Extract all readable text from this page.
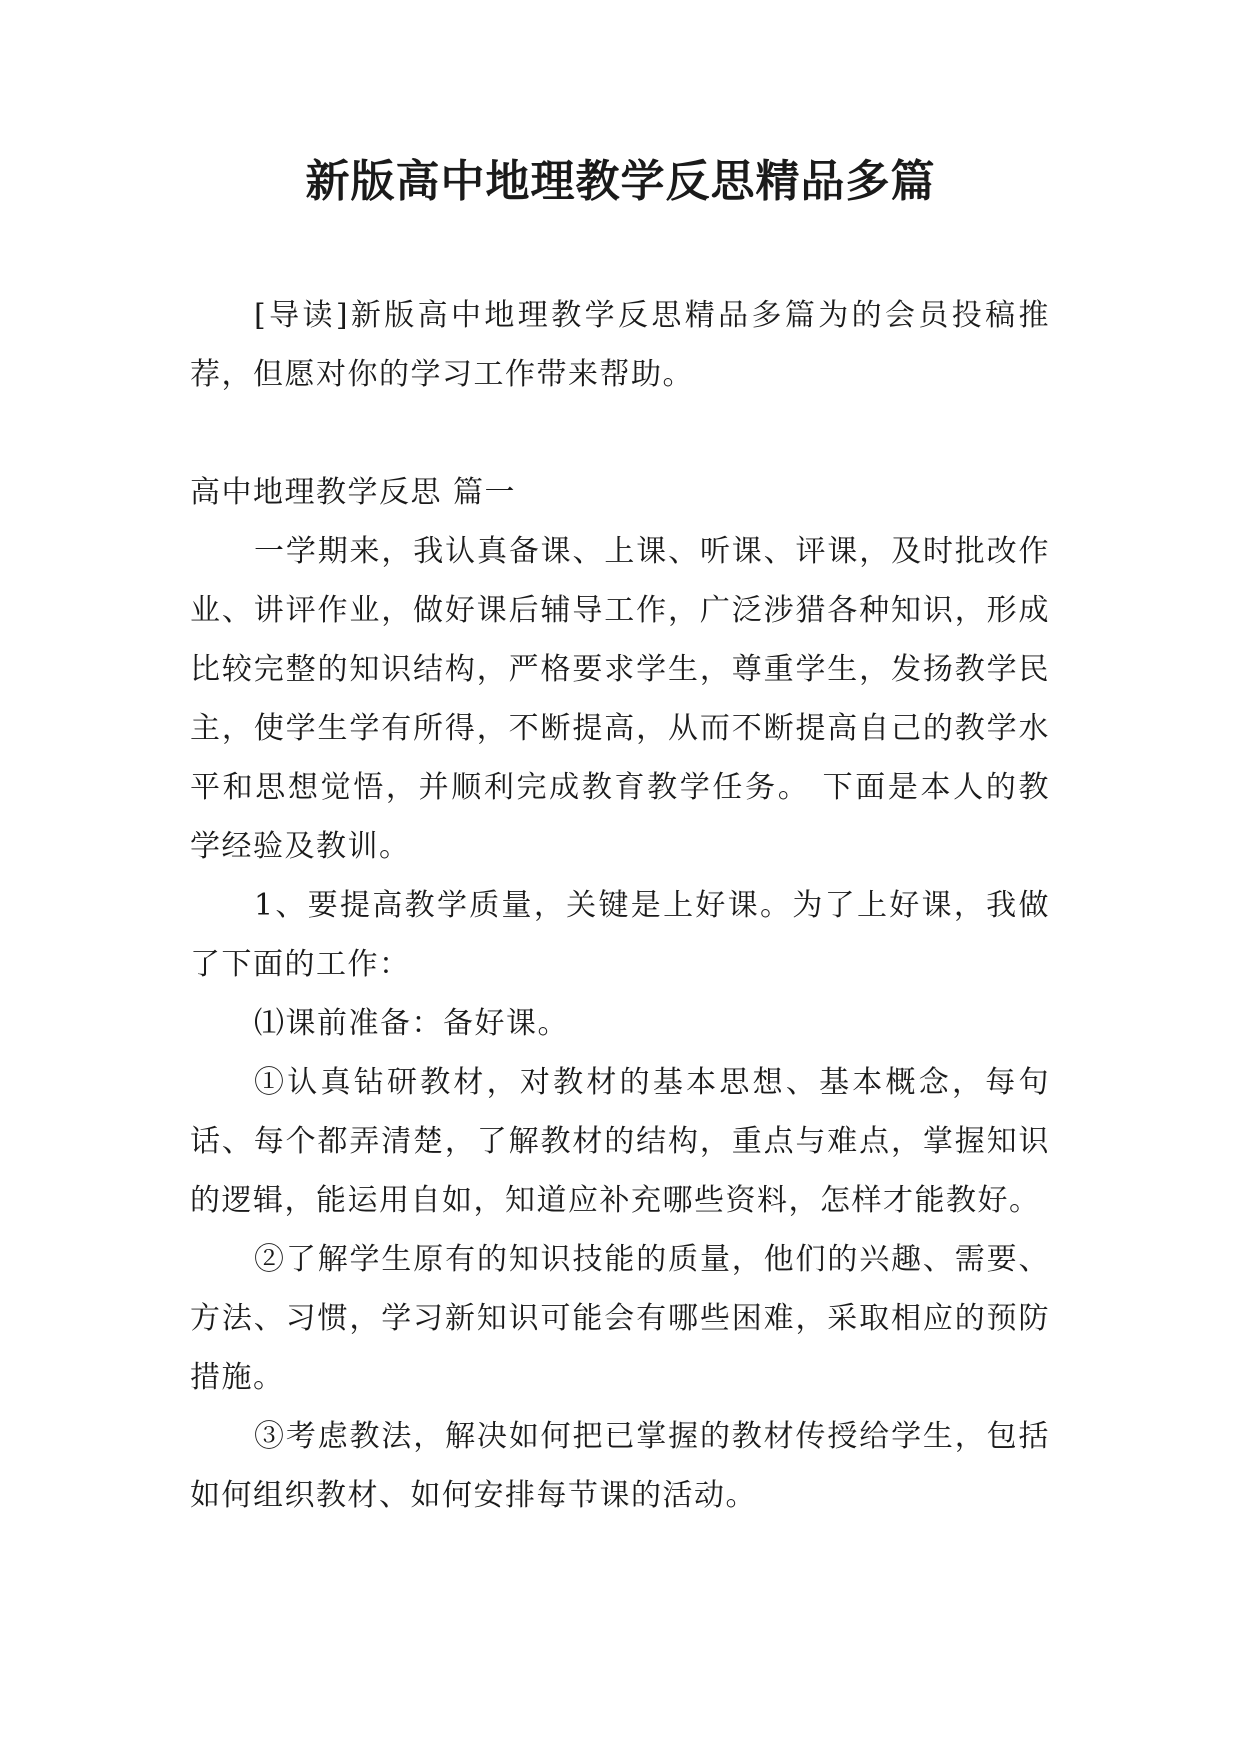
新版高中地理教学反思精品多篇

[导读]新版高中地理教学反思精品多篇为的会员投稿推荐，但愿对你的学习工作带来帮助。

高中地理教学反思 篇一

一学期来，我认真备课、上课、听课、评课，及时批改作业、讲评作业，做好课后辅导工作，广泛涉猎各种知识，形成比较完整的知识结构，严格要求学生，尊重学生，发扬教学民主，使学生学有所得，不断提高，从而不断提高自己的教学水平和思想觉悟，并顺利完成教育教学任务。 下面是本人的教学经验及教训。

1、要提高教学质量，关键是上好课。为了上好课，我做了下面的工作：

⑴课前准备：备好课。

①认真钻研教材，对教材的基本思想、基本概念，每句话、每个都弄清楚，了解教材的结构，重点与难点，掌握知识的逻辑，能运用自如，知道应补充哪些资料，怎样才能教好。

②了解学生原有的知识技能的质量，他们的兴趣、需要、方法、习惯，学习新知识可能会有哪些困难，采取相应的预防措施。

③考虑教法，解决如何把已掌握的教材传授给学生，包括如何组织教材、如何安排每节课的活动。
